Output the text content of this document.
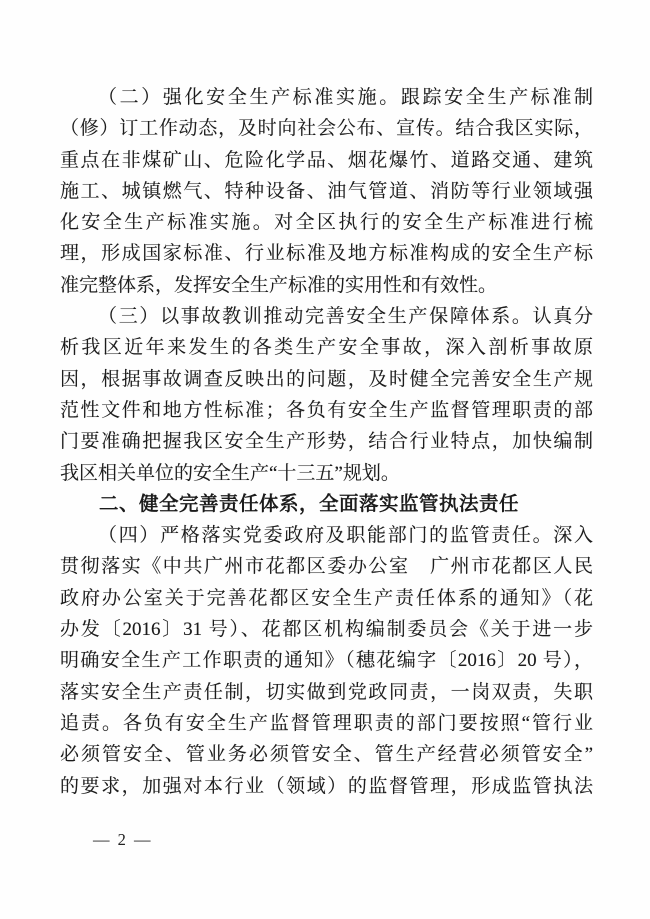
（二）强化安全生产标准实施。跟踪安全生产标准制
（修）订工作动态，及时向社会公布、宣传。结合我区实际，
重点在非煤矿山、危险化学品、烟花爆竹、道路交通、建筑
施工、城镇燃气、特种设备、油气管道、消防等行业领域强
化安全生产标准实施。对全区执行的安全生产标准进行梳
理，形成国家标准、行业标准及地方标准构成的安全生产标
准完整体系，发挥安全生产标准的实用性和有效性。
（三）以事故教训推动完善安全生产保障体系。认真分
析我区近年来发生的各类生产安全事故，深入剖析事故原
因，根据事故调查反映出的问题，及时健全完善安全生产规
范性文件和地方性标准；各负有安全生产监督管理职责的部
门要准确把握我区安全生产形势，结合行业特点，加快编制
我区相关单位的安全生产“十三五”规划。
二、健全完善责任体系，全面落实监管执法责任
（四）严格落实党委政府及职能部门的监管责任。深入
贯彻落实《中共广州市花都区委办公室　广州市花都区人民
政府办公室关于完善花都区安全生产责任体系的通知》（花
办发〔2016〕31 号）、花都区机构编制委员会《关于进一步
明确安全生产工作职责的通知》（穗花编字〔2016〕20 号），
落实安全生产责任制，切实做到党政同责，一岗双责，失职
追责。各负有安全生产监督管理职责的部门要按照“管行业
必须管安全、管业务必须管安全、管生产经营必须管安全”
的要求，加强对本行业（领域）的监督管理，形成监管执法
— 2 —
